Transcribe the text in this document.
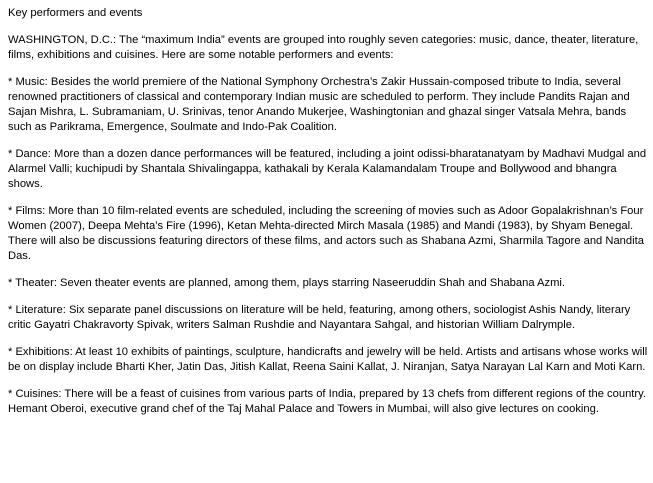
Key performers and events

WASHINGTON, D.C.: The “maximum India” events are grouped into roughly seven categories: music, dance, theater, literature, films, exhibitions and cuisines. Here are some notable performers and events:

* Music: Besides the world premiere of the National Symphony Orchestra’s Zakir Hussain-composed tribute to India, several renowned practitioners of classical and contemporary Indian music are scheduled to perform. They include Pandits Rajan and Sajan Mishra, L. Subramaniam, U. Srinivas, tenor Anando Mukerjee, Washingtonian and ghazal singer Vatsala Mehra, bands such as Parikrama, Emergence, Soulmate and Indo-Pak Coalition.

* Dance: More than a dozen dance performances will be featured, including a joint odissi-bharatanatyam by Madhavi Mudgal and Alarmel Valli; kuchipudi by Shantala Shivalingappa, kathakali by Kerala Kalamandalam Troupe and Bollywood and bhangra shows.

* Films: More than 10 film-related events are scheduled, including the screening of movies such as Adoor Gopalakrishnan’s Four Women (2007), Deepa Mehta’s Fire (1996), Ketan Mehta-directed Mirch Masala (1985) and Mandi (1983), by Shyam Benegal. There will also be discussions featuring directors of these films, and actors such as Shabana Azmi, Sharmila Tagore and Nandita Das.

* Theater: Seven theater events are planned, among them, plays starring Naseeruddin Shah and Shabana Azmi.

* Literature: Six separate panel discussions on literature will be held, featuring, among others, sociologist Ashis Nandy, literary critic Gayatri Chakravorty Spivak, writers Salman Rushdie and Nayantara Sahgal, and historian William Dalrymple.

* Exhibitions: At least 10 exhibits of paintings, sculpture, handicrafts and jewelry will be held. Artists and artisans whose works will be on display include Bharti Kher, Jatin Das, Jitish Kallat, Reena Saini Kallat, J. Niranjan, Satya Narayan Lal Karn and Moti Karn.

* Cuisines: There will be a feast of cuisines from various parts of India, prepared by 13 chefs from different regions of the country. Hemant Oberoi, executive grand chef of the Taj Mahal Palace and Towers in Mumbai, will also give lectures on cooking.
